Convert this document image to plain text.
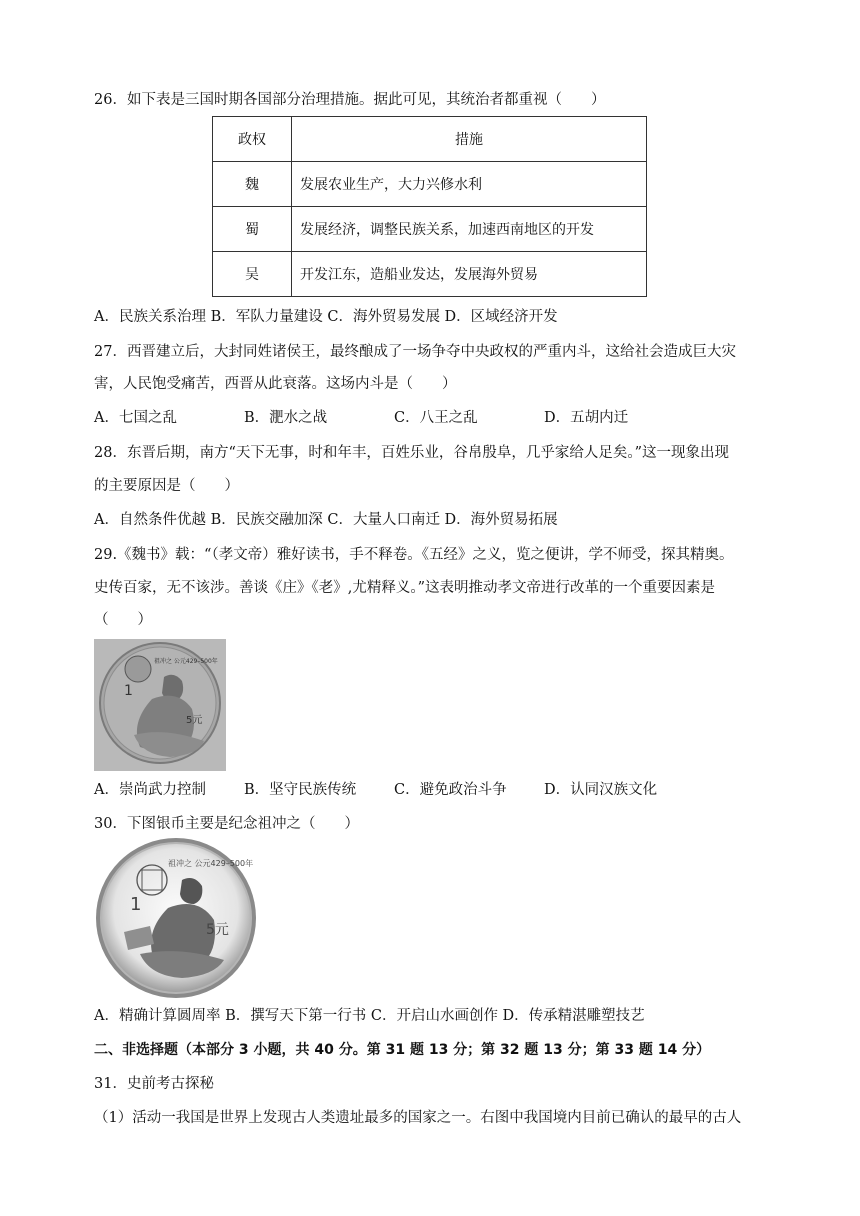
26．如下表是三国时期各国部分治理措施。据此可见，其统治者都重视（　　）
政权	措施
魏	发展农业生产，大力兴修水利
蜀	发展经济，调整民族关系，加速西南地区的开发
吴	开发江东，造船业发达，发展海外贸易
A．民族关系治理 B．军队力量建设 C．海外贸易发展 D．区域经济开发
27．西晋建立后，大封同姓诸侯王，最终酿成了一场争夺中央政权的严重内斗，这给社会造成巨大灾
害，人民饱受痛苦，西晋从此衰落。这场内斗是（　　）
A．七国之乱	B．淝水之战	C．八王之乱	D．五胡内迁
28．东晋后期，南方“天下无事，时和年丰，百姓乐业，谷帛殷阜，几乎家给人足矣。”这一现象出现
的主要原因是（　　）
A．自然条件优越 B．民族交融加深 C．大量人口南迁 D．海外贸易拓展
29.《魏书》载：“（孝文帝）雅好读书，手不释卷。《五经》之义，览之便讲，学不师受，探其精奥。
史传百家，无不该涉。善谈《庄》《老》,尤精释义。”这表明推动孝文帝进行改革的一个重要因素是
（　　）
1
5元
祖冲之 公元429–500年
A．崇尚武力控制	B．坚守民族传统	C．避免政治斗争	D．认同汉族文化
30．下图银币主要是纪念祖冲之（　　）
1
5元
祖冲之 公元429–500年
A．精确计算圆周率 B．撰写天下第一行书 C．开启山水画创作 D．传承精湛雕塑技艺
二、非选择题（本部分 3 小题，共 40 分。第 31 题 13 分；第 32 题 13 分；第 33 题 14 分）
31．史前考古探秘
（1）活动一我国是世界上发现古人类遗址最多的国家之一。右图中我国境内目前已确认的最早的古人
